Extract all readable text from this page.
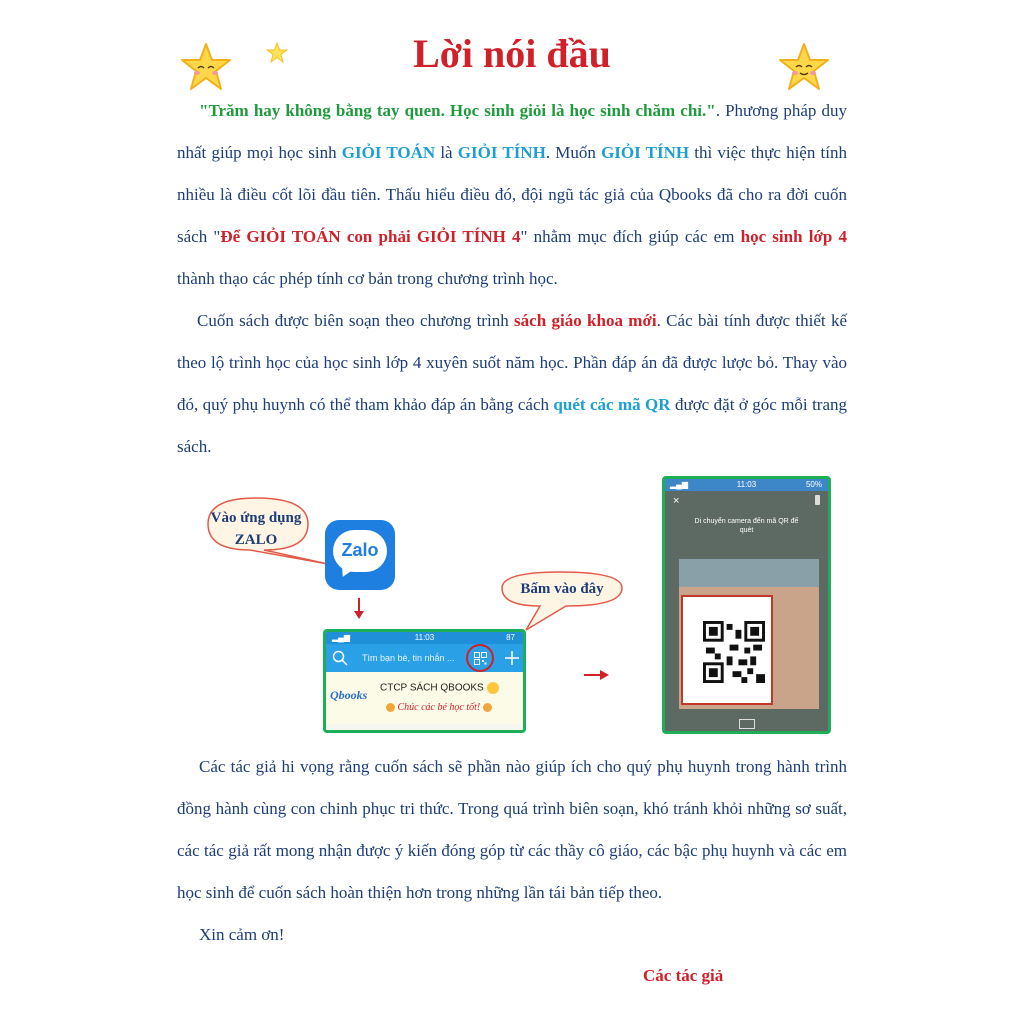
Lời nói đầu

"Trăm hay không bằng tay quen. Học sinh giỏi là học sinh chăm chỉ.". Phương pháp duy nhất giúp mọi học sinh GIỎI TOÁN là GIỎI TÍNH. Muốn GIỎI TÍNH thì việc thực hiện tính nhiều là điều cốt lõi đầu tiên. Thấu hiểu điều đó, đội ngũ tác giả của Qbooks đã cho ra đời cuốn sách "Để GIỎI TOÁN con phải GIỎI TÍNH 4" nhằm mục đích giúp các em học sinh lớp 4 thành thạo các phép tính cơ bản trong chương trình học.

Cuốn sách được biên soạn theo chương trình sách giáo khoa mới. Các bài tính được thiết kế theo lộ trình học của học sinh lớp 4 xuyên suốt năm học. Phần đáp án đã được lược bỏ. Thay vào đó, quý phụ huynh có thể tham khảo đáp án bằng cách quét các mã QR được đặt ở góc mỗi trang sách.

Vào ứng dụng
ZALO	Zalo
Bấm vào đây
▂▄▆	11:03	87
Tìm bạn bè, tin nhắn ...
Qbooks CTCP SÁCH QBOOKS
Chúc các bé học tốt!
▂▄▆	11:03	50%
×
Di chuyển camera đến mã QR để
quét

Các tác giả hi vọng rằng cuốn sách sẽ phần nào giúp ích cho quý phụ huynh trong hành trình đồng hành cùng con chinh phục tri thức. Trong quá trình biên soạn, khó tránh khỏi những sơ suất, các tác giả rất mong nhận được ý kiến đóng góp từ các thầy cô giáo, các bậc phụ huynh và các em học sinh để cuốn sách hoàn thiện hơn trong những lần tái bản tiếp theo.

Xin cảm ơn!

Các tác giả
